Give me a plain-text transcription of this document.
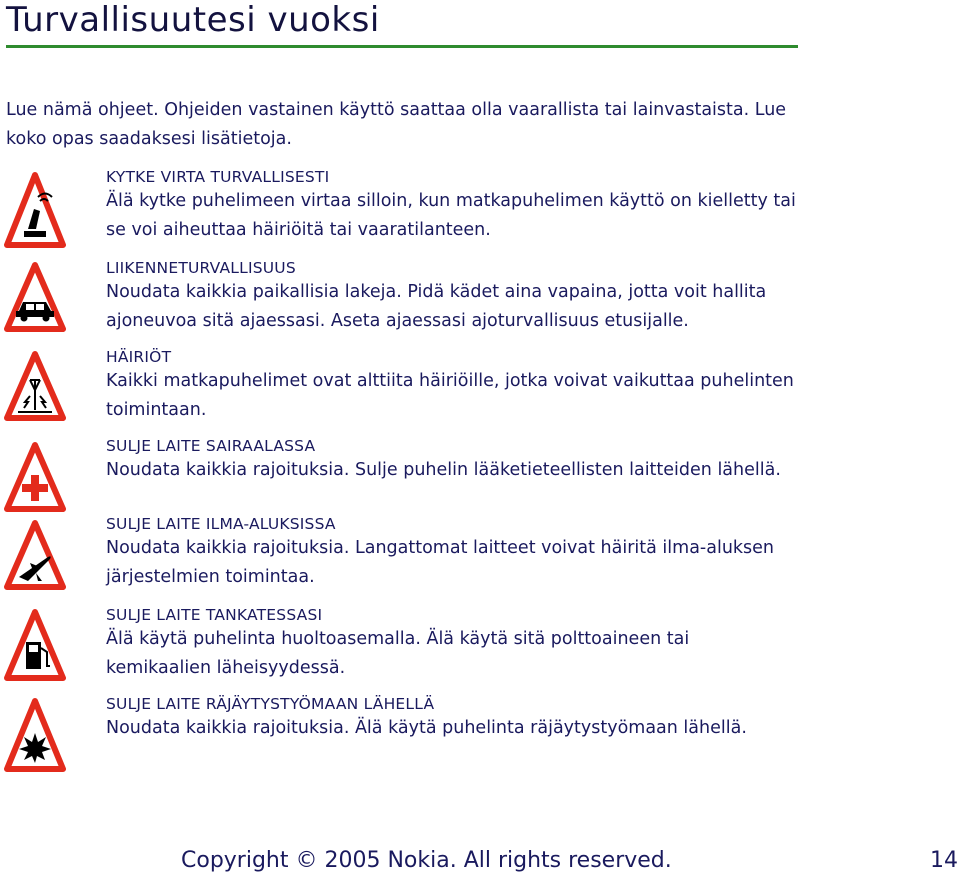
Turvallisuutesi vuoksi
Lue nämä ohjeet. Ohjeiden vastainen käyttö saattaa olla vaarallista tai lainvastaista. Lue koko opas saadaksesi lisätietoja.
KYTKE VIRTA TURVALLISESTI
Älä kytke puhelimeen virtaa silloin, kun matkapuhelimen käyttö on kielletty tai se voi aiheuttaa häiriöitä tai vaaratilanteen.
LIIKENNETURVALLISUUS
Noudata kaikkia paikallisia lakeja. Pidä kädet aina vapaina, jotta voit hallita ajoneuvoa sitä ajaessasi. Aseta ajaessasi ajoturvallisuus etusijalle.
HÄIRIÖT
Kaikki matkapuhelimet ovat alttiita häiriöille, jotka voivat vaikuttaa puhelinten toimintaan.
SULJE LAITE SAIRAALASSA
Noudata kaikkia rajoituksia. Sulje puhelin lääketieteellisten laitteiden lähellä.
SULJE LAITE ILMA-ALUKSISSA
Noudata kaikkia rajoituksia. Langattomat laitteet voivat häiritä ilma-aluksen järjestelmien toimintaa.
SULJE LAITE TANKATESSASI
Älä käytä puhelinta huoltoasemalla. Älä käytä sitä polttoaineen tai kemikaalien läheisyydessä.
SULJE LAITE RÄJÄYTYSTYÖMAAN LÄHELLÄ
Noudata kaikkia rajoituksia. Älä käytä puhelinta räjäytystyömaan lähellä.
Copyright © 2005 Nokia. All rights reserved.	14
